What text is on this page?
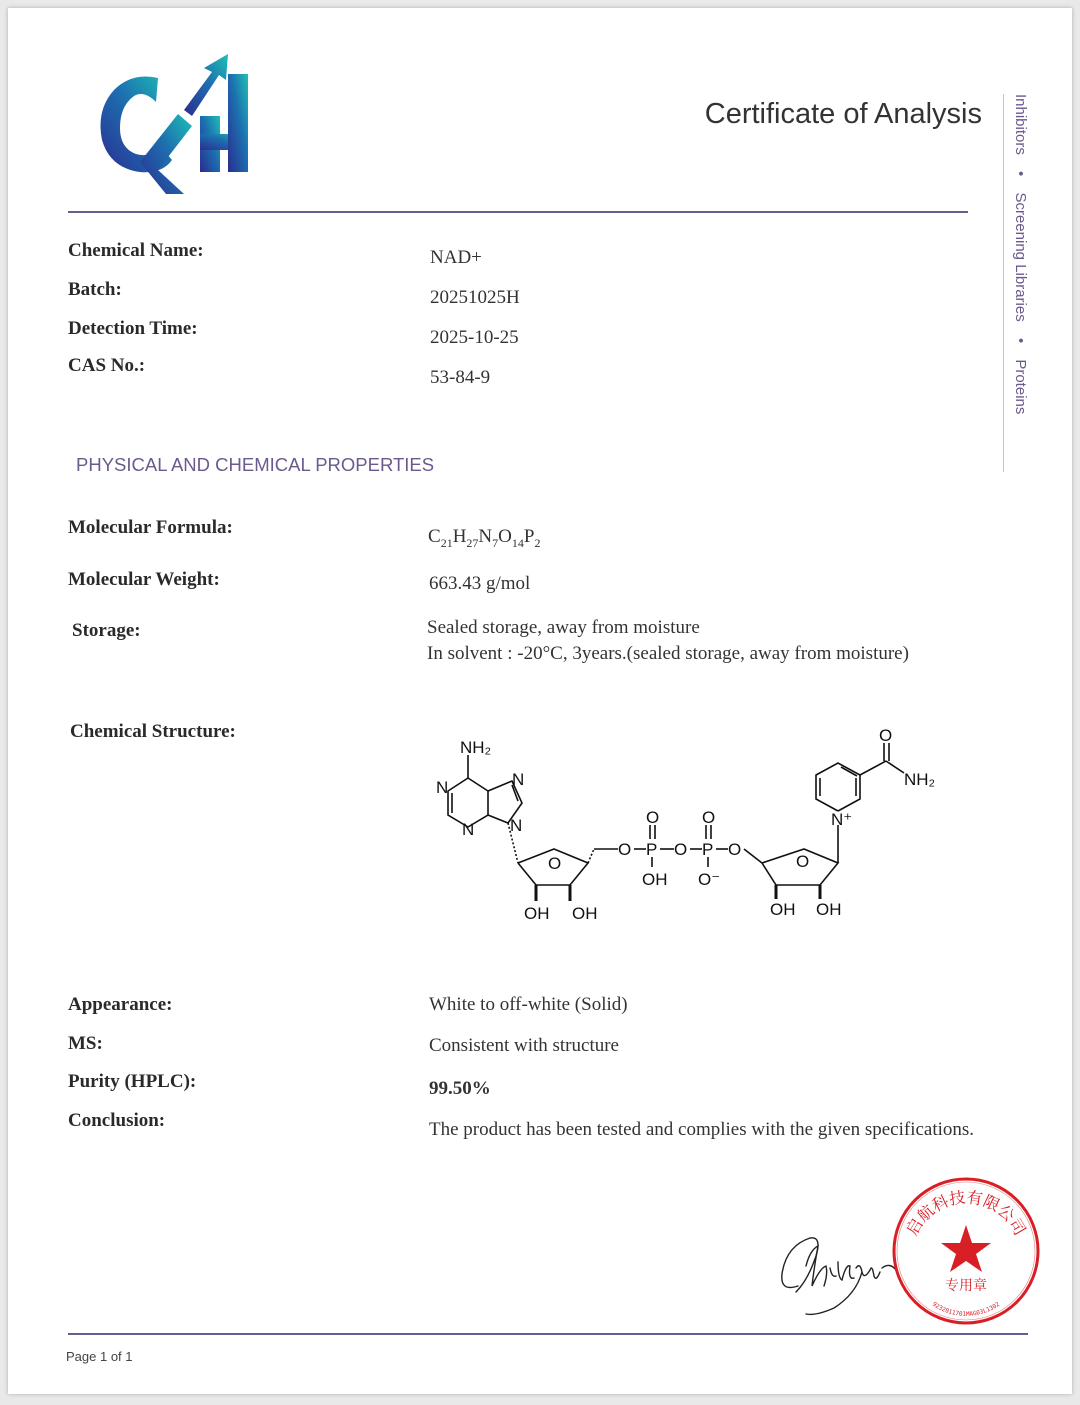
Certificate of Analysis Inhibitors • Screening Libraries • Proteins
Chemical Name:	NAD+
Batch:	20251025H
Detection Time:	2025-10-25
CAS No.:
53-84-9
PHYSICAL AND CHEMICAL PROPERTIES
Molecular Formula:	$C_{21}H_{27}N_7O_{14}P_2$
Molecular Weight:	663.43 g/mol
Storage:	Sealed storage, away from moisture
In solvent : -20°C, 3years.(sealed storage, away from moisture)
Chemical Structure:
NH₂
N
N
N
N
O
OH OH
O P
O
OH
O P
O
O⁻
O
O
OH OH
N⁺
O
NH₂
Appearance:	White to off-white (Solid)
MS:	Consistent with structure
Purity (HPLC):	99.50%
Conclusion:	The product has been tested and complies with the given specifications.
启航科技有限公司
专用章
9232011701MAG03L1302
Page 1 of 1
